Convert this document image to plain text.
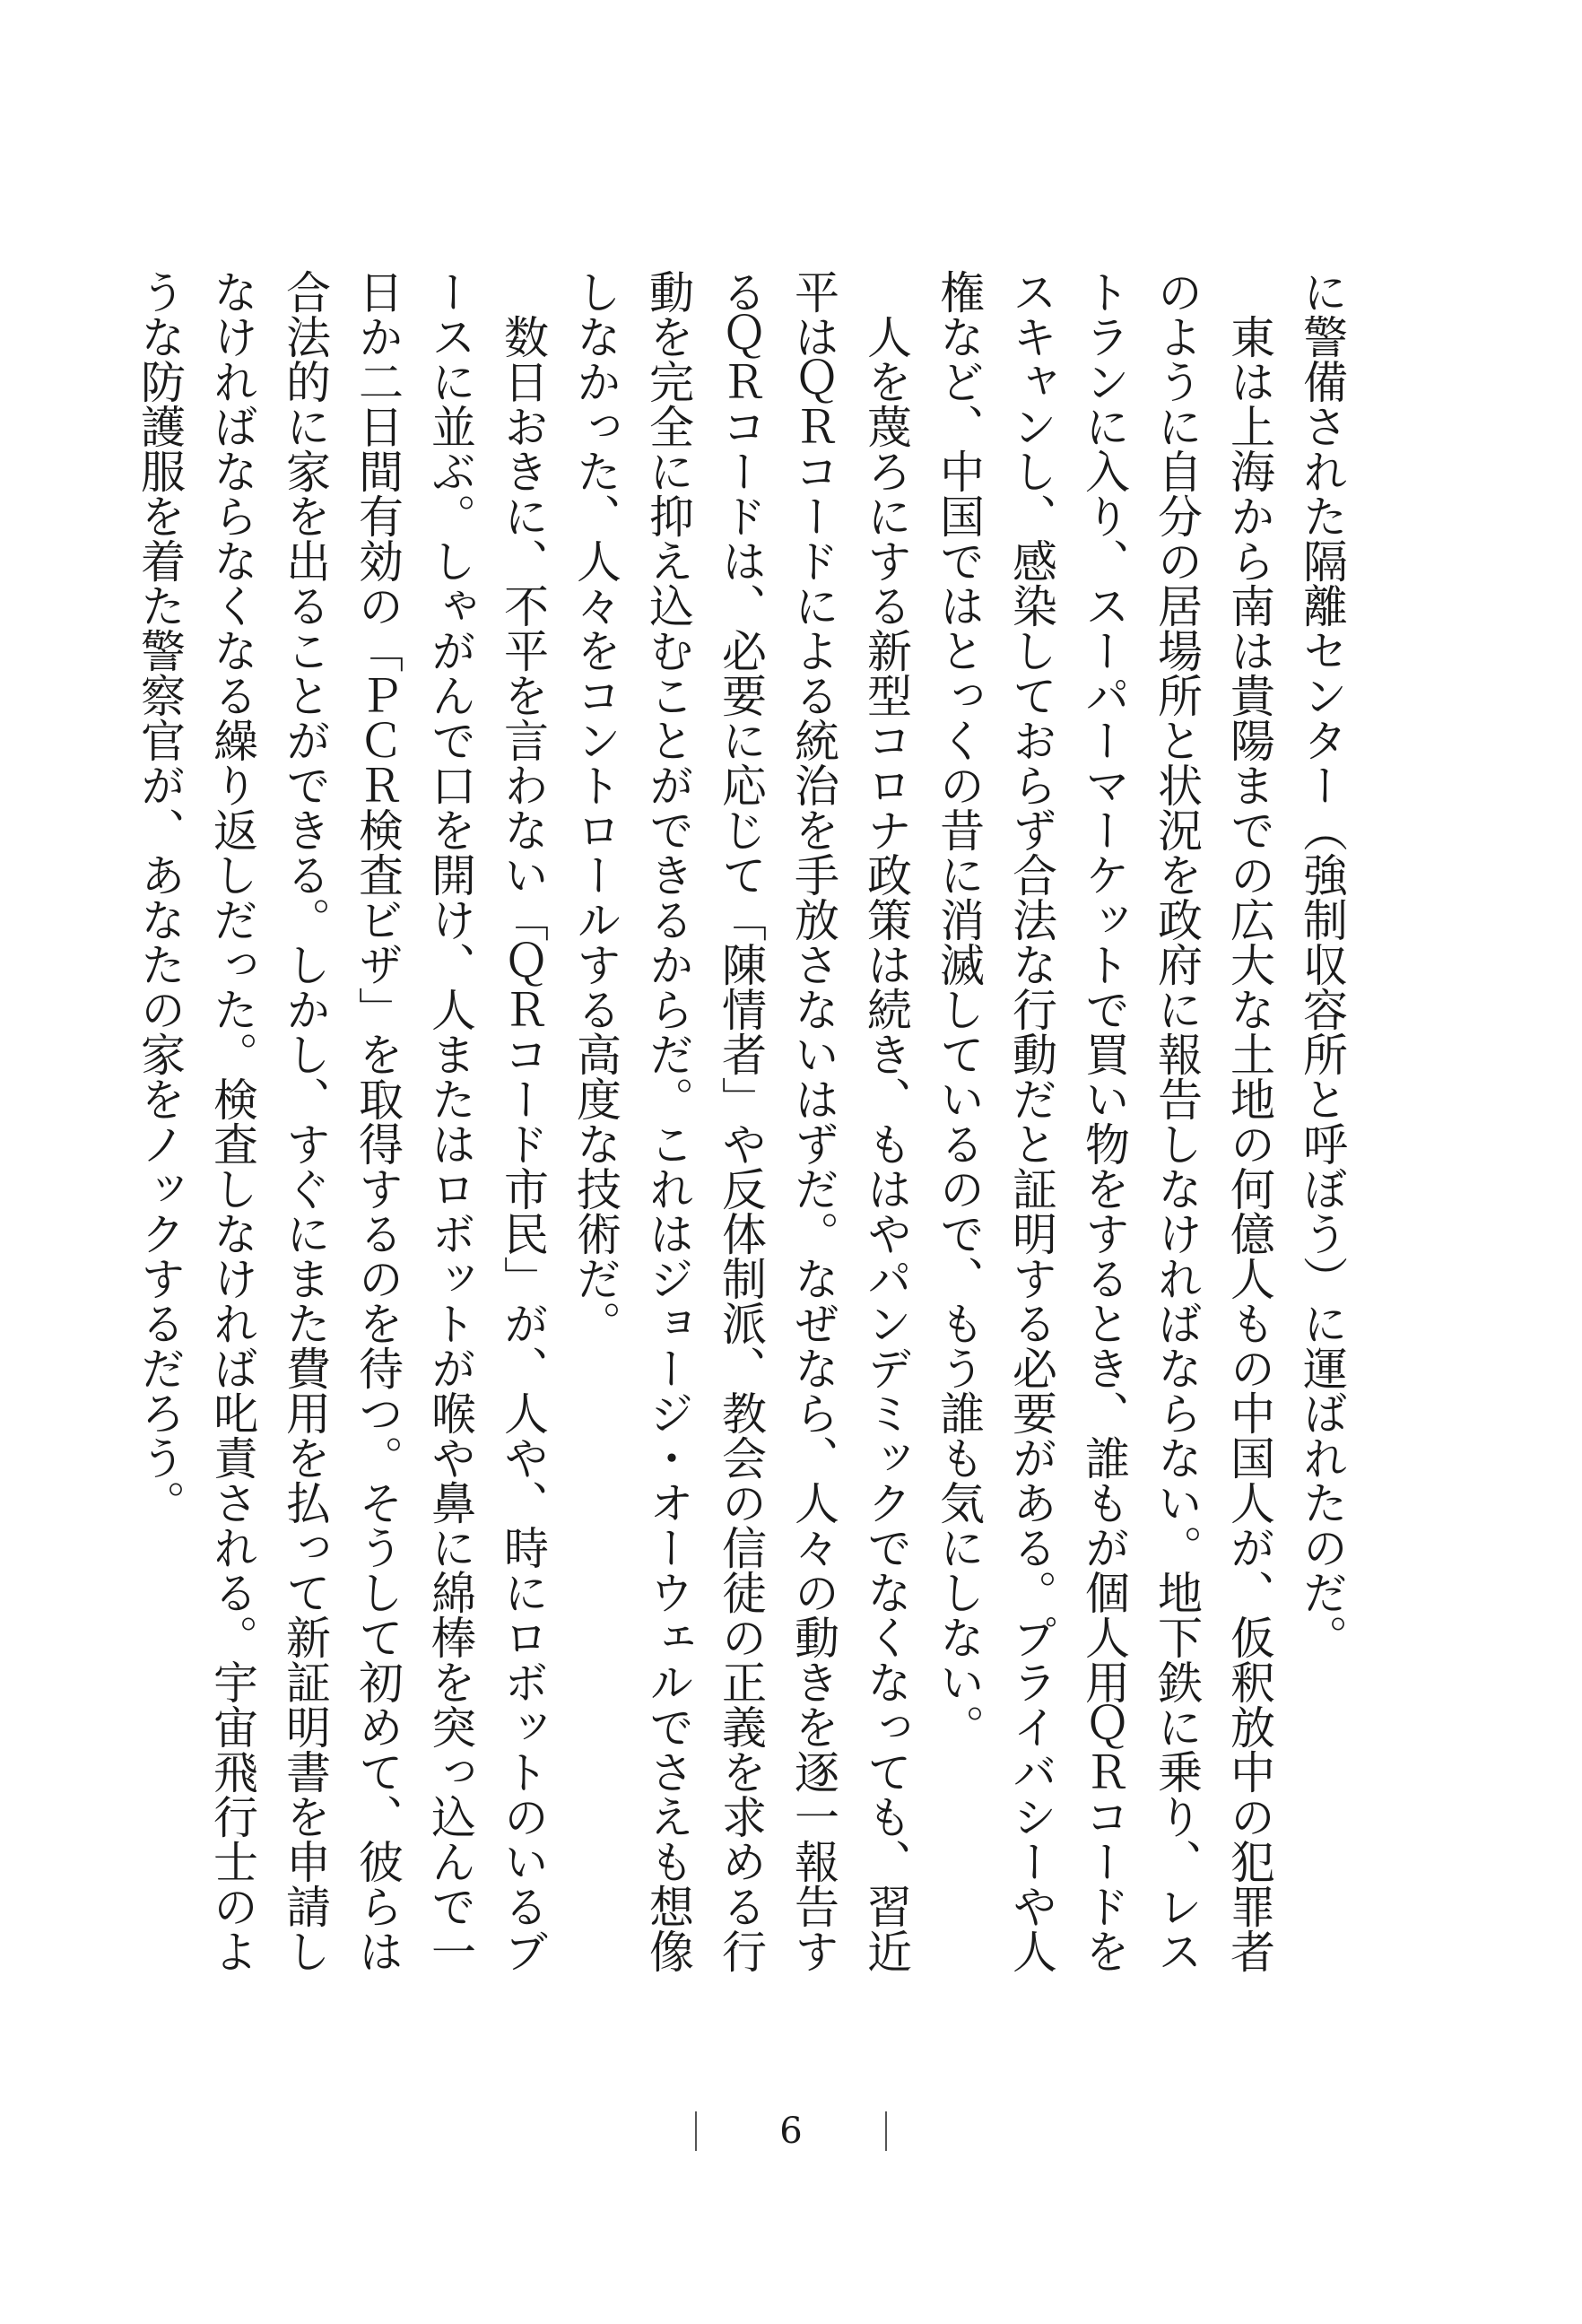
に警備された隔離センター（強制収容所と呼ぼう）に運ばれたのだ。

東は上海から南は貴陽までの広大な土地の何億人もの中国人が、仮釈放中の犯罪者のように自分の居場所と状況を政府に報告しなければならない。地下鉄に乗り、レストランに入り、スーパーマーケットで買い物をするとき、誰もが個人用ＱＲコードをスキャンし、感染しておらず合法な行動だと証明する必要がある。プライバシーや人権など、中国ではとっくの昔に消滅しているので、もう誰も気にしない。

人を蔑ろにする新型コロナ政策は続き、もはやパンデミックでなくなっても、習近平はＱＲコードによる統治を手放さないはずだ。なぜなら、人々の動きを逐一報告するＱＲコードは、必要に応じて「陳情者」や反体制派、教会の信徒の正義を求める行動を完全に抑え込むことができるからだ。これはジョージ・オーウェルでさえも想像しなかった、人々をコントロールする高度な技術だ。

数日おきに、不平を言わない「ＱＲコード市民」が、人や、時にロボットのいるブースに並ぶ。しゃがんで口を開け、人またはロボットが喉や鼻に綿棒を突っ込んで一日か二日間有効の「ＰＣＲ検査ビザ」を取得するのを待つ。そうして初めて、彼らは合法的に家を出ることができる。しかし、すぐにまた費用を払って新証明書を申請しなければならなくなる繰り返しだった。検査しなければ叱責される。宇宙飛行士のような防護服を着た警察官が、あなたの家をノックするだろう。

6
